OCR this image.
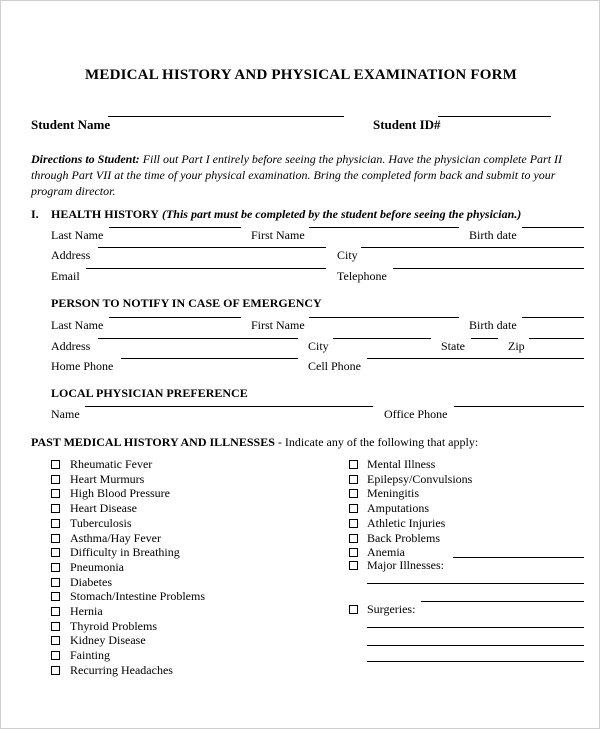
MEDICAL HISTORY AND PHYSICAL EXAMINATION FORM
Student Name	Student ID#
Directions to Student: Fill out Part I entirely before seeing the physician. Have the physician complete Part II through Part VII at the time of your physical examination. Bring the completed form back and submit to your program director.
I. HEALTH HISTORY (This part must be completed by the student before seeing the physician.)
Last Name	First Name	Birth date
Address	City
Email	Telephone
PERSON TO NOTIFY IN CASE OF EMERGENCY
Last Name	First Name	Birth date
Address	City	State	Zip
Home Phone	Cell Phone
LOCAL PHYSICIAN PREFERENCE
Name	Office Phone
PAST MEDICAL HISTORY AND ILLNESSES - Indicate any of the following that apply:
Rheumatic Fever
Heart Murmurs
High Blood Pressure
Heart Disease
Tuberculosis
Asthma/Hay Fever
Difficulty in Breathing
Pneumonia
Diabetes
Stomach/Intestine Problems
Hernia
Thyroid Problems
Kidney Disease
Fainting
Recurring Headaches
Mental Illness
Epilepsy/Convulsions
Meningitis
Amputations
Athletic Injuries
Back Problems
Anemia
Major Illnesses:
Surgeries:
